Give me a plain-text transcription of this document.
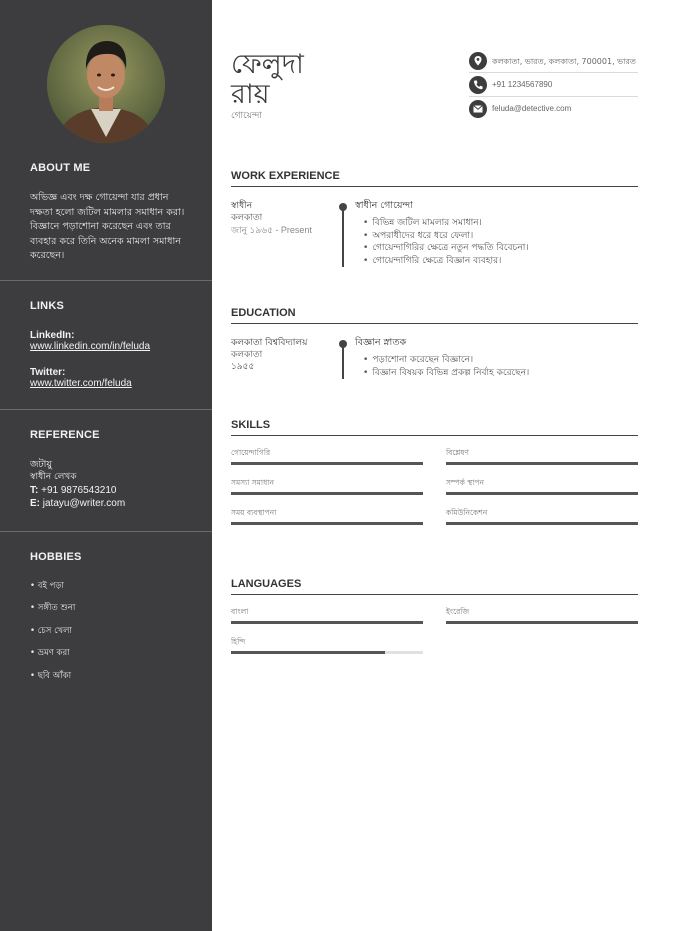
ABOUT ME
অভিজ্ঞ এবং দক্ষ গোয়েন্দা যার প্রধান
দক্ষতা হলো জটিল মামলার সমাধান করা।
বিজ্ঞানে পড়াশোনা করেছেন এবং তার
ব্যবহার করে তিনি অনেক মামলা সমাধান
করেছেন।
LINKS
LinkedIn:
www.linkedin.com/in/feluda
Twitter:
www.twitter.com/feluda
REFERENCE
জটায়ু
স্বাধীন লেখক
T: +91 9876543210
E: jatayu@writer.com
HOBBIES
• বই পড়া
• সঙ্গীত শুনা
• চেস খেলা
• ভ্রমণ করা
• ছবি আঁকা
ফেলুদা
রায়
গোয়েন্দা
কলকাতা, ভারত, কলকাতা, 700001, ভারত
+91 1234567890
feluda@detective.com
WORK EXPERIENCE
স্বাধীন
কলকাতা
জানু ১৯৬৫ - Present
স্বাধীন গোয়েন্দা
• বিভিন্ন জটিল মামলার সমাধান।
• অপরাধীদের ধরে ধরে ফেলা।
• গোয়েন্দাগিরির ক্ষেত্রে নতুন পদ্ধতি বিবেচনা।
• গোয়েন্দাগিরি ক্ষেত্রে বিজ্ঞান ব্যবহার।
EDUCATION
কলকাতা বিশ্ববিদ্যালয়
কলকাতা
১৯৫৫
বিজ্ঞান স্নাতক
• পড়াশোনা করেছেন বিজ্ঞানে।
• বিজ্ঞান বিষয়ক বিভিন্ন প্রকল্প নির্বাহ করেছেন।
SKILLS
গোয়েন্দাগিরি	বিশ্লেষণ
সমস্যা সমাধান	সম্পর্ক স্থাপন
সময় ব্যবস্থাপনা	কমিউনিকেশন
LANGUAGES
বাংলা	ইংরেজি
হিন্দি
